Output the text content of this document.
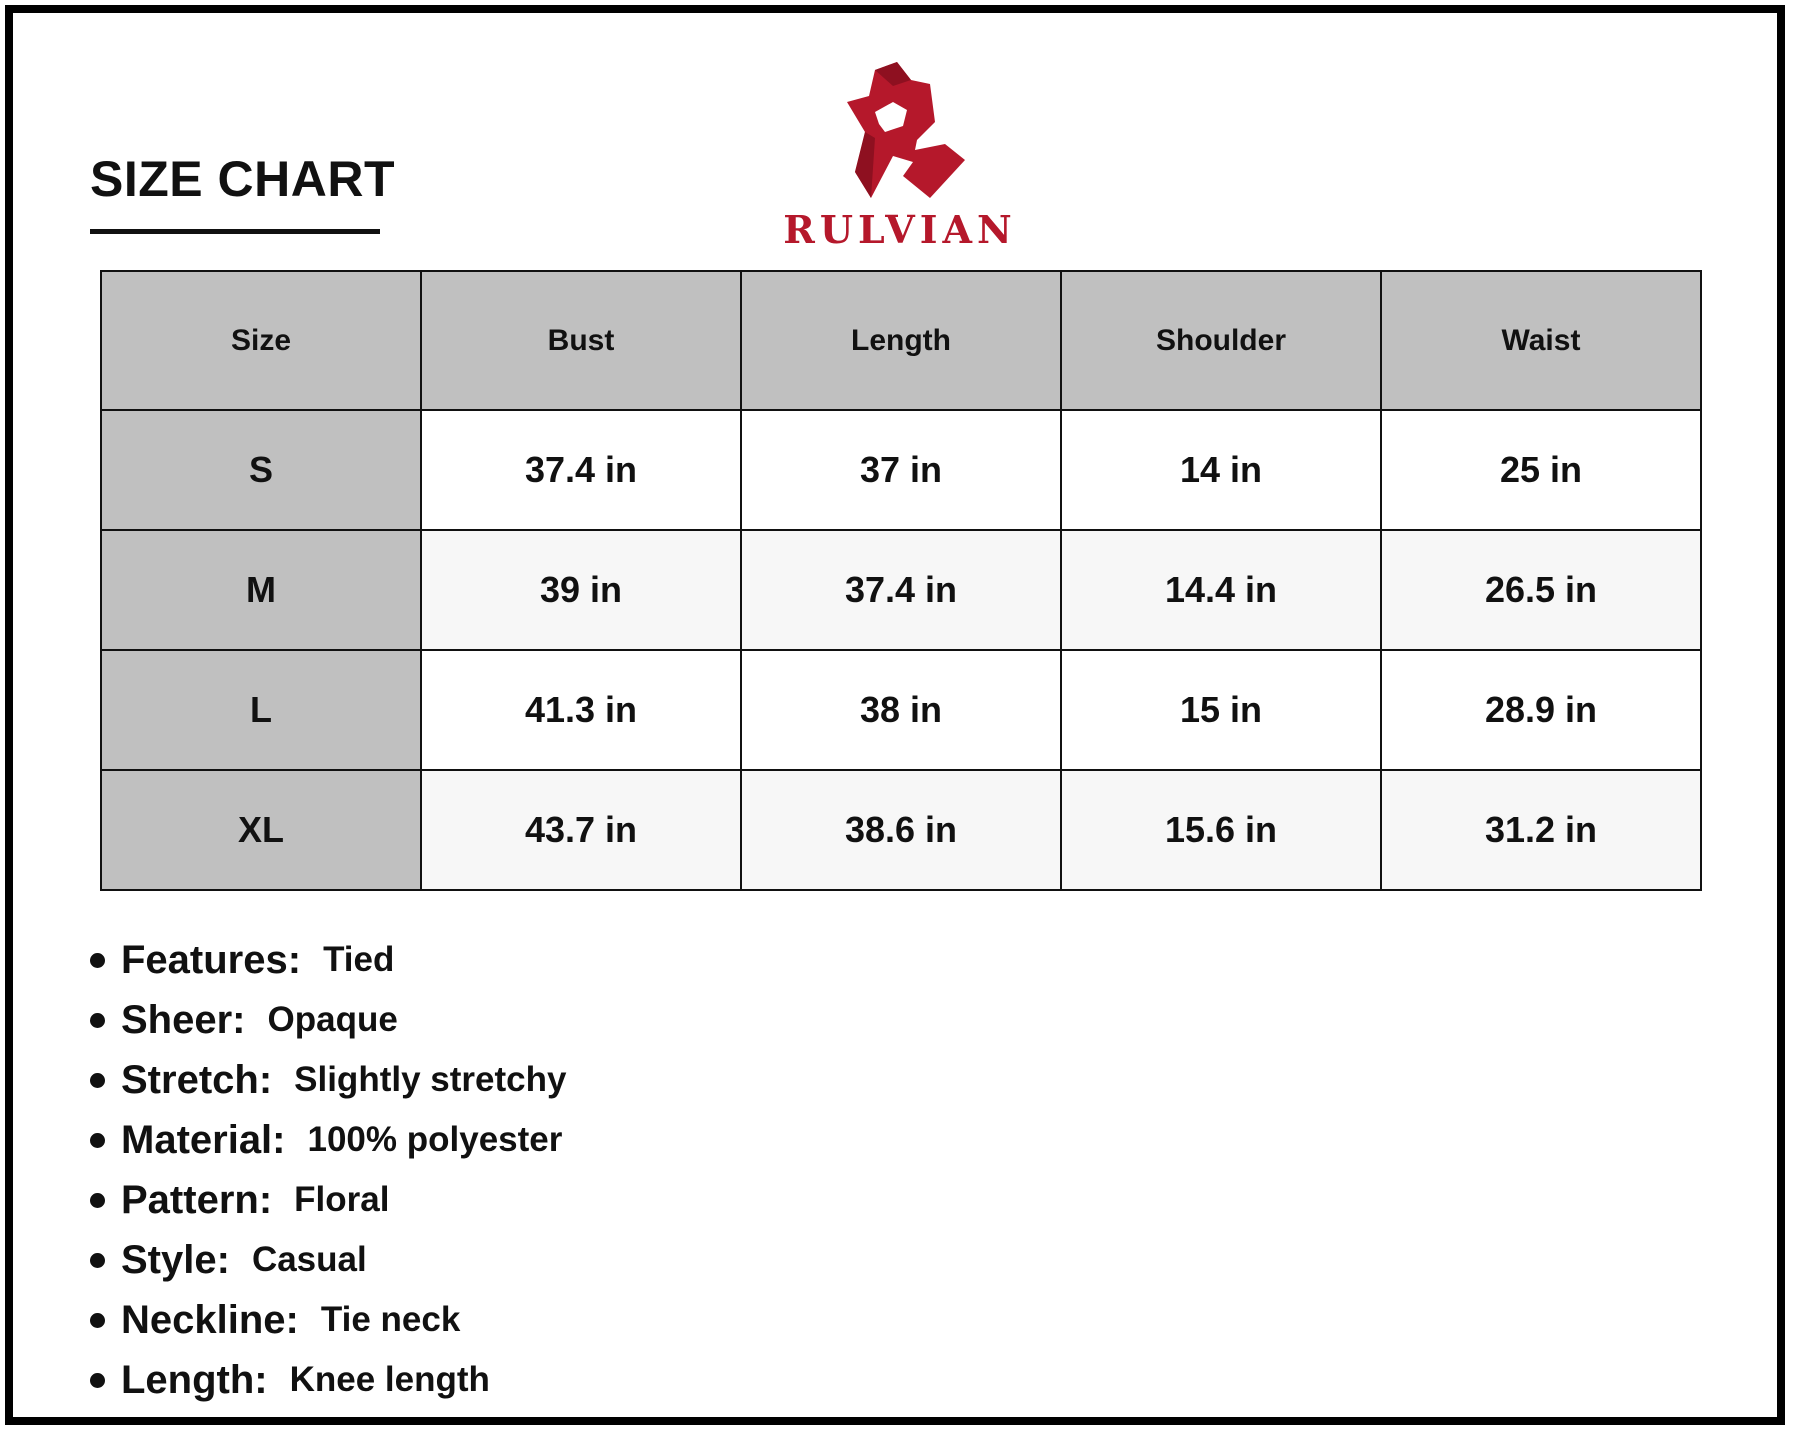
SIZE CHART
RULVIAN
Size	Bust	Length	Shoulder	Waist
S	37.4 in	37 in	14 in	25 in
M	39 in	37.4 in	14.4 in	26.5 in
L	41.3 in	38 in	15 in	28.9 in
XL	43.7 in	38.6 in	15.6 in	31.2 in
Features: Tied
Sheer: Opaque
Stretch: Slightly stretchy
Material: 100% polyester
Pattern: Floral
Style: Casual
Neckline: Tie neck
Length: Knee length
